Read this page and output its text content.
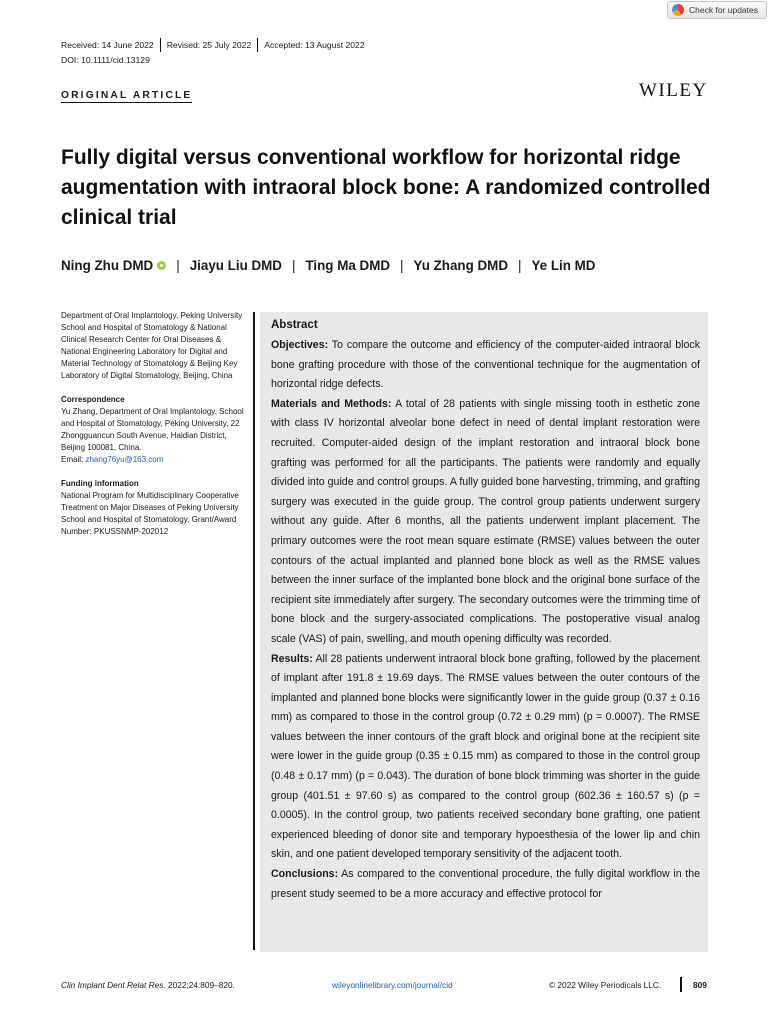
Check for updates
Received: 14 June 2022 Revised: 25 July 2022 Accepted: 13 August 2022
DOI: 10.1111/cid.13129
ORIGINAL ARTICLE	WILEY
Fully digital versus conventional workflow for horizontal ridge augmentation with intraoral block bone: A randomized controlled clinical trial
Ning Zhu DMD | Jiayu Liu DMD | Ting Ma DMD | Yu Zhang DMD | Ye Lin MD

Department of Oral Implantology, Peking University School and Hospital of Stomatology & National Clinical Research Center for Oral Diseases & National Engineering Laboratory for Digital and Material Technology of Stomatology & Beijing Key Laboratory of Digital Stomatology, Beijing, China

Correspondence
Yu Zhang, Department of Oral Implantology, School and Hospital of Stomatology, Peking University, 22 Zhongguancun South Avenue, Haidian District, Beijing 100081, China.
Email: zhang76yu@163.com

Funding information
National Program for Multidisciplinary Cooperative Treatment on Major Diseases of Peking University School and Hospital of Stomatology, Grant/Award Number: PKUSSNMP-202012

Abstract

Objectives: To compare the outcome and efficiency of the computer-aided intraoral block bone grafting procedure with those of the conventional technique for the augmentation of horizontal ridge defects.

Materials and Methods: A total of 28 patients with single missing tooth in esthetic zone with class IV horizontal alveolar bone defect in need of dental implant restoration were recruited. Computer-aided design of the implant restoration and intraoral block bone grafting was performed for all the participants. The patients were randomly and equally divided into guide and control groups. A fully guided bone harvesting, trimming, and grafting surgery was executed in the guide group. The control group patients underwent surgery without any guide. After 6 months, all the patients underwent implant placement. The primary outcomes were the root mean square estimate (RMSE) values between the outer contours of the actual implanted and planned bone block as well as the RMSE values between the inner surface of the implanted bone block and the original bone surface of the recipient site immediately after surgery. The secondary outcomes were the trimming time of bone block and the surgery-associated complications. The postoperative visual analog scale (VAS) of pain, swelling, and mouth opening difficulty was recorded.

Results: All 28 patients underwent intraoral block bone grafting, followed by the placement of implant after 191.8 ± 19.69 days. The RMSE values between the outer contours of the implanted and planned bone blocks were significantly lower in the guide group (0.37 ± 0.16 mm) as compared to those in the control group (0.72 ± 0.29 mm) (p = 0.0007). The RMSE values between the inner contours of the graft block and original bone at the recipient site were lower in the guide group (0.35 ± 0.15 mm) as compared to those in the control group (0.48 ± 0.17 mm) (p = 0.043). The duration of bone block trimming was shorter in the guide group (401.51 ± 97.60 s) as compared to the control group (602.36 ± 160.57 s) (p = 0.0005). In the control group, two patients received secondary bone grafting, one patient experienced bleeding of donor site and temporary hypoesthesia of the lower lip and chin skin, and one patient developed temporary sensitivity of the adjacent tooth.

Conclusions: As compared to the conventional procedure, the fully digital workflow in the present study seemed to be a more accuracy and effective protocol for

Clin Implant Dent Relat Res. 2022;24:809–820.	wileyonlinelibrary.com/journal/cid	© 2022 Wiley Periodicals LLC.	809
